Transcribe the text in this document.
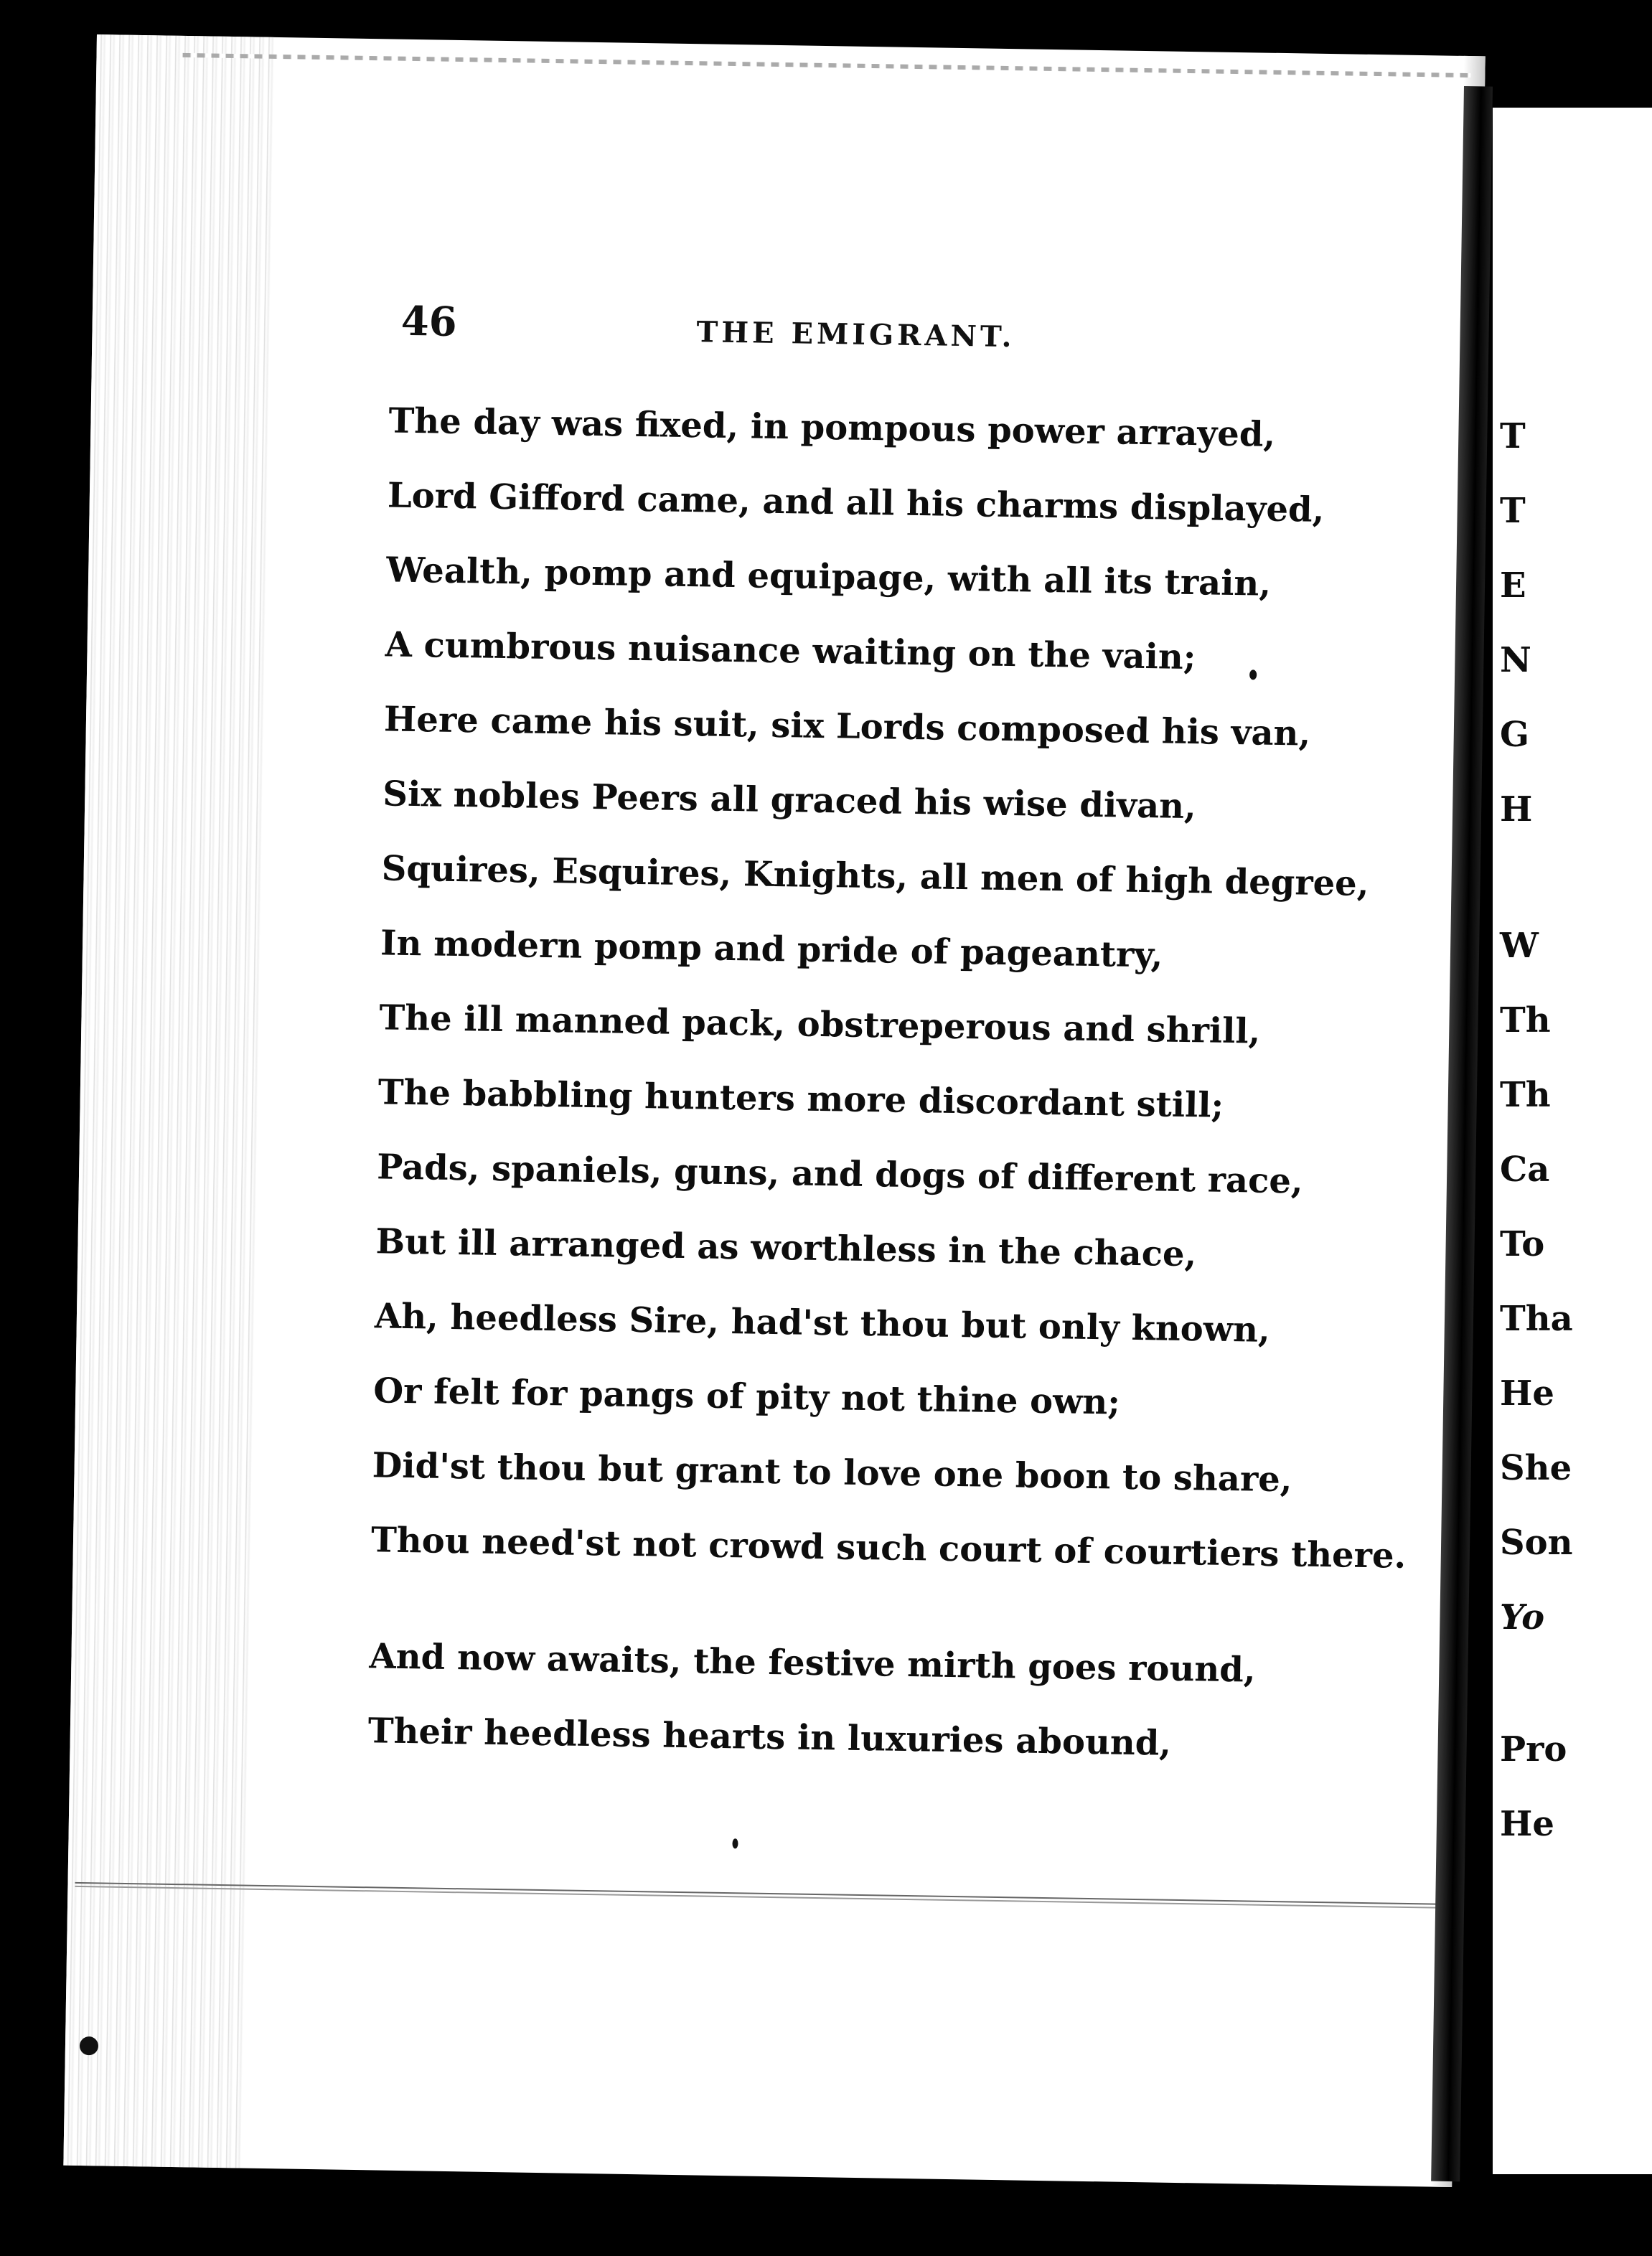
46	THE EMIGRANT.
The day was fixed, in pompous power arrayed,
Lord Gifford came, and all his charms displayed,
Wealth, pomp and equipage, with all its train,
A cumbrous nuisance waiting on the vain;
Here came his suit, six Lords composed his van,
Six nobles Peers all graced his wise divan,
Squires, Esquires, Knights, all men of high degree,
In modern pomp and pride of pageantry,
The ill manned pack, obstreperous and shrill,
The babbling hunters more discordant still;
Pads, spaniels, guns, and dogs of different race,
But ill arranged as worthless in the chace,
Ah, heedless Sire, had'st thou but only known,
Or felt for pangs of pity not thine own;
Did'st thou but grant to love one boon to share,
Thou need'st not crowd such court of courtiers there.
And now awaits, the festive mirth goes round,
Their heedless hearts in luxuries abound,
T
T
E
N
G
H
W
Th
Th
Ca
To
Tha
He
She
Son
Yo
Pro
He
